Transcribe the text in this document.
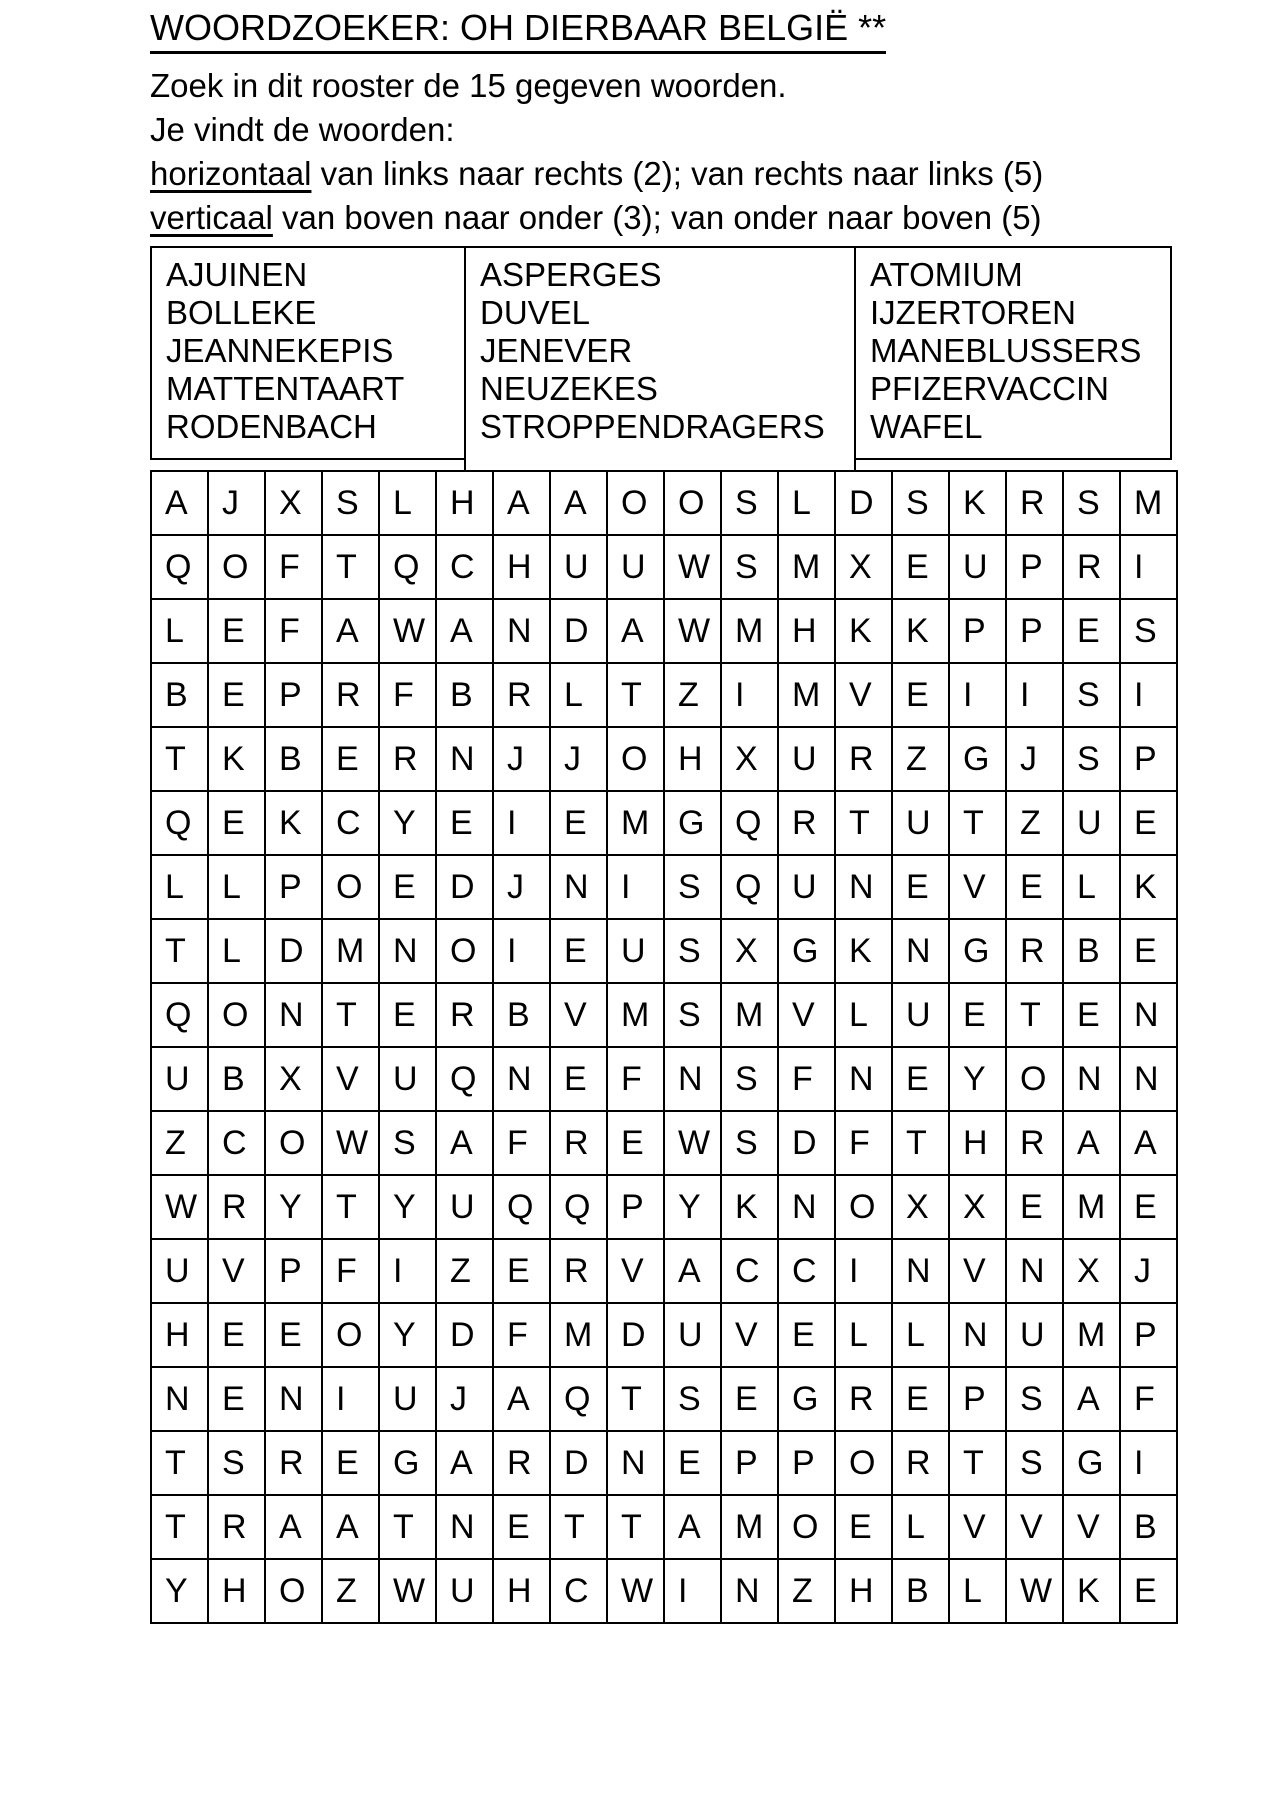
WOORDZOEKER: OH DIERBAAR BELGIË **
Zoek in dit rooster de 15 gegeven woorden.
Je vindt de woorden:
horizontaal van links naar rechts (2); van rechts naar links (5)
verticaal van boven naar onder (3); van onder naar boven (5)
AJUINEN
BOLLEKE
JEANNEKEPIS
MATTENTAART
RODENBACH
ASPERGES
DUVEL
JENEVER
NEUZEKES
STROPPENDRAGERS
ATOMIUM
IJZERTOREN
MANEBLUSSERS
PFIZERVACCIN
WAFEL
A	J	X	S	L	H	A	A	O	O	S	L	D	S	K	R	S	M
Q	O	F	T	Q	C	H	U	U	W	S	M	X	E	U	P	R	I
L	E	F	A	W	A	N	D	A	W	M	H	K	K	P	P	E	S
B	E	P	R	F	B	R	L	T	Z	I	M	V	E	I	I	S	I
T	K	B	E	R	N	J	J	O	H	X	U	R	Z	G	J	S	P
Q	E	K	C	Y	E	I	E	M	G	Q	R	T	U	T	Z	U	E
L	L	P	O	E	D	J	N	I	S	Q	U	N	E	V	E	L	K
T	L	D	M	N	O	I	E	U	S	X	G	K	N	G	R	B	E
Q	O	N	T	E	R	B	V	M	S	M	V	L	U	E	T	E	N
U	B	X	V	U	Q	N	E	F	N	S	F	N	E	Y	O	N	N
Z	C	O	W	S	A	F	R	E	W	S	D	F	T	H	R	A	A
W	R	Y	T	Y	U	Q	Q	P	Y	K	N	O	X	X	E	M	E
U	V	P	F	I	Z	E	R	V	A	C	C	I	N	V	N	X	J
H	E	E	O	Y	D	F	M	D	U	V	E	L	L	N	U	M	P
N	E	N	I	U	J	A	Q	T	S	E	G	R	E	P	S	A	F
T	S	R	E	G	A	R	D	N	E	P	P	O	R	T	S	G	I
T	R	A	A	T	N	E	T	T	A	M	O	E	L	V	V	V	B
Y	H	O	Z	W	U	H	C	W	I	N	Z	H	B	L	W	K	E
